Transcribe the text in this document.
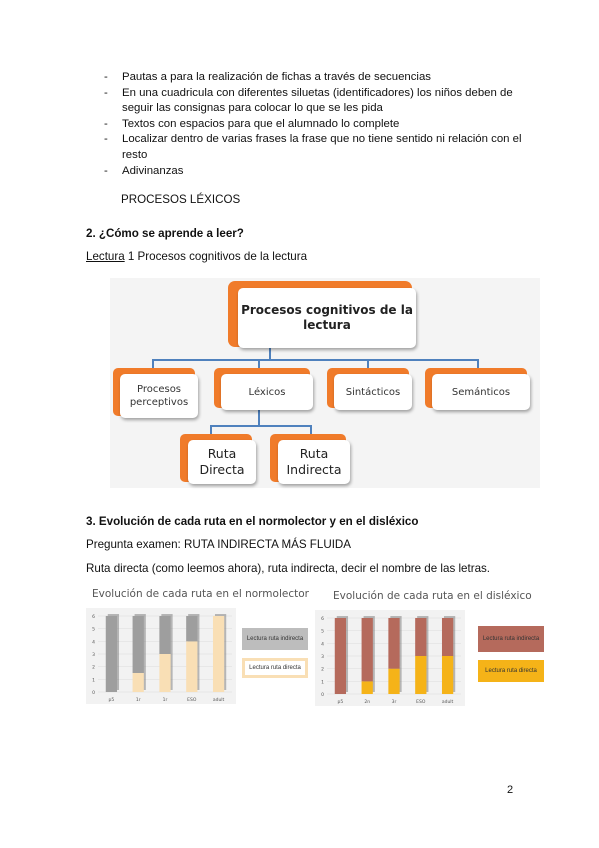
- Pautas a para la realización de fichas a través de secuencias
- En una cuadricula con diferentes siluetas (identificadores) los niños deben de seguir las consignas para colocar lo que se les pida
- Textos con espacios para que el alumnado lo complete
- Localizar dentro de varias frases la frase que no tiene sentido ni relación con el resto
- Adivinanzas
PROCESOS LÉXICOS
2. ¿Cómo se aprende a leer?
Lectura 1 Procesos cognitivos de la lectura
Procesos cognitivos de la lectura
Procesos perceptivos
Léxicos	Sintácticos	Semánticos
Ruta Directa
Ruta Indirecta
3. Evolución de cada ruta en el normolector y en el disléxico
Pregunta examen: RUTA INDIRECTA MÁS FLUIDA
Ruta directa (como leemos ahora), ruta indirecta, decir el nombre de las letras.
Evolución de cada ruta en el normolector
0
1
2
3
4
5
6
p5	1r	1r	ESO	adult
Lectura ruta indirecta
Lectura ruta directa
Evolución de cada ruta en el disléxico
0
1
2
3
4
5
6
p5	2n	3r	ESO	adult
Lectura ruta indirecta
Lectura ruta directa
2
